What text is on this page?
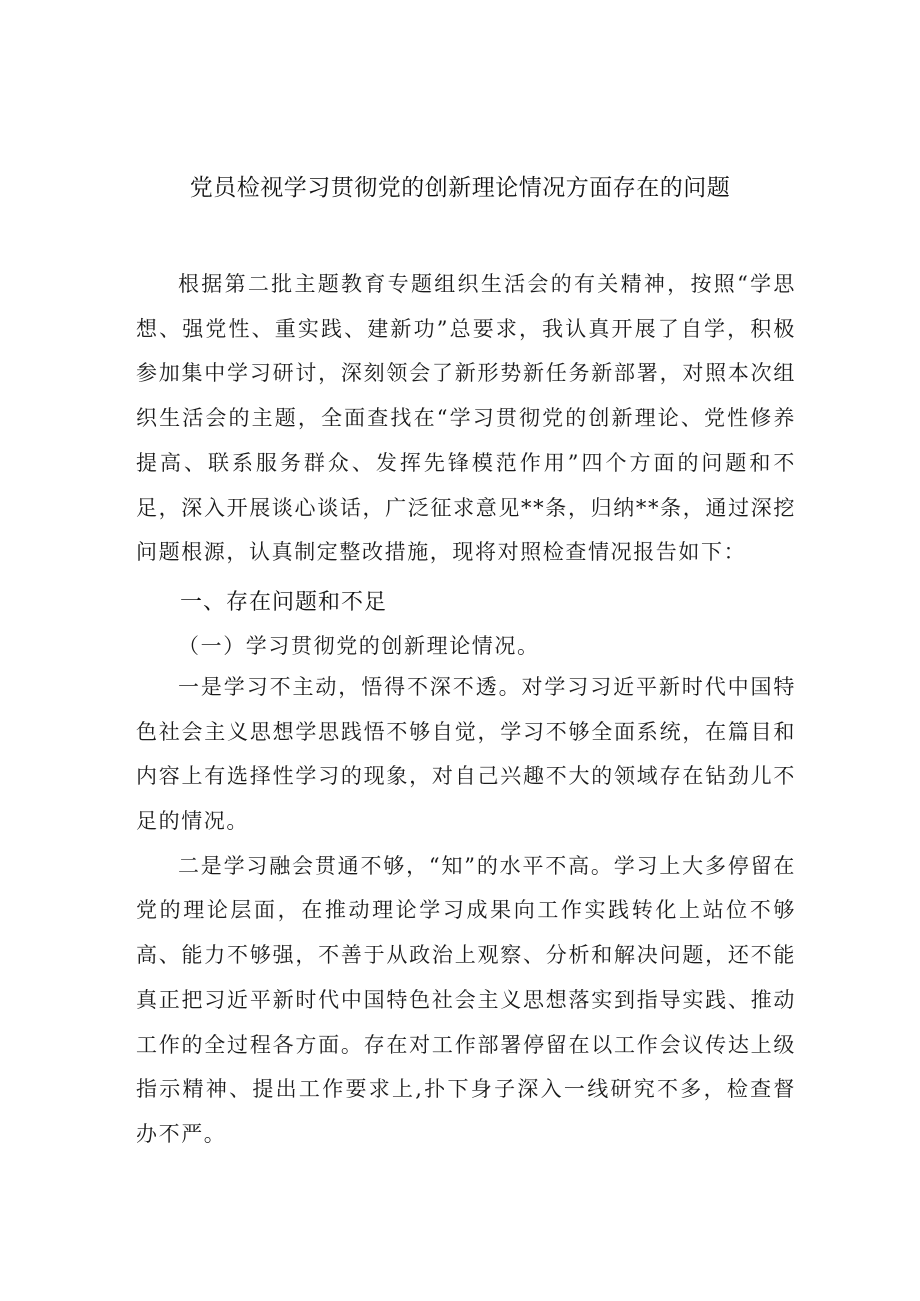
党员检视学习贯彻党的创新理论情况方面存在的问题

根据第二批主题教育专题组织生活会的有关精神，按照“学思想、强党性、重实践、建新功”总要求，我认真开展了自学，积极参加集中学习研讨，深刻领会了新形势新任务新部署，对照本次组织生活会的主题，全面查找在“学习贯彻党的创新理论、党性修养提高、联系服务群众、发挥先锋模范作用”四个方面的问题和不足，深入开展谈心谈话，广泛征求意见**条，归纳**条，通过深挖问题根源，认真制定整改措施，现将对照检查情况报告如下：

一、存在问题和不足

（一）学习贯彻党的创新理论情况。

一是学习不主动，悟得不深不透。对学习习近平新时代中国特色社会主义思想学思践悟不够自觉，学习不够全面系统，在篇目和内容上有选择性学习的现象，对自己兴趣不大的领域存在钻劲儿不足的情况。

二是学习融会贯通不够，“知”的水平不高。学习上大多停留在党的理论层面，在推动理论学习成果向工作实践转化上站位不够高、能力不够强，不善于从政治上观察、分析和解决问题，还不能真正把习近平新时代中国特色社会主义思想落实到指导实践、推动工作的全过程各方面。存在对工作部署停留在以工作会议传达上级指示精神、提出工作要求上,扑下身子深入一线研究不多，检查督办不严。
